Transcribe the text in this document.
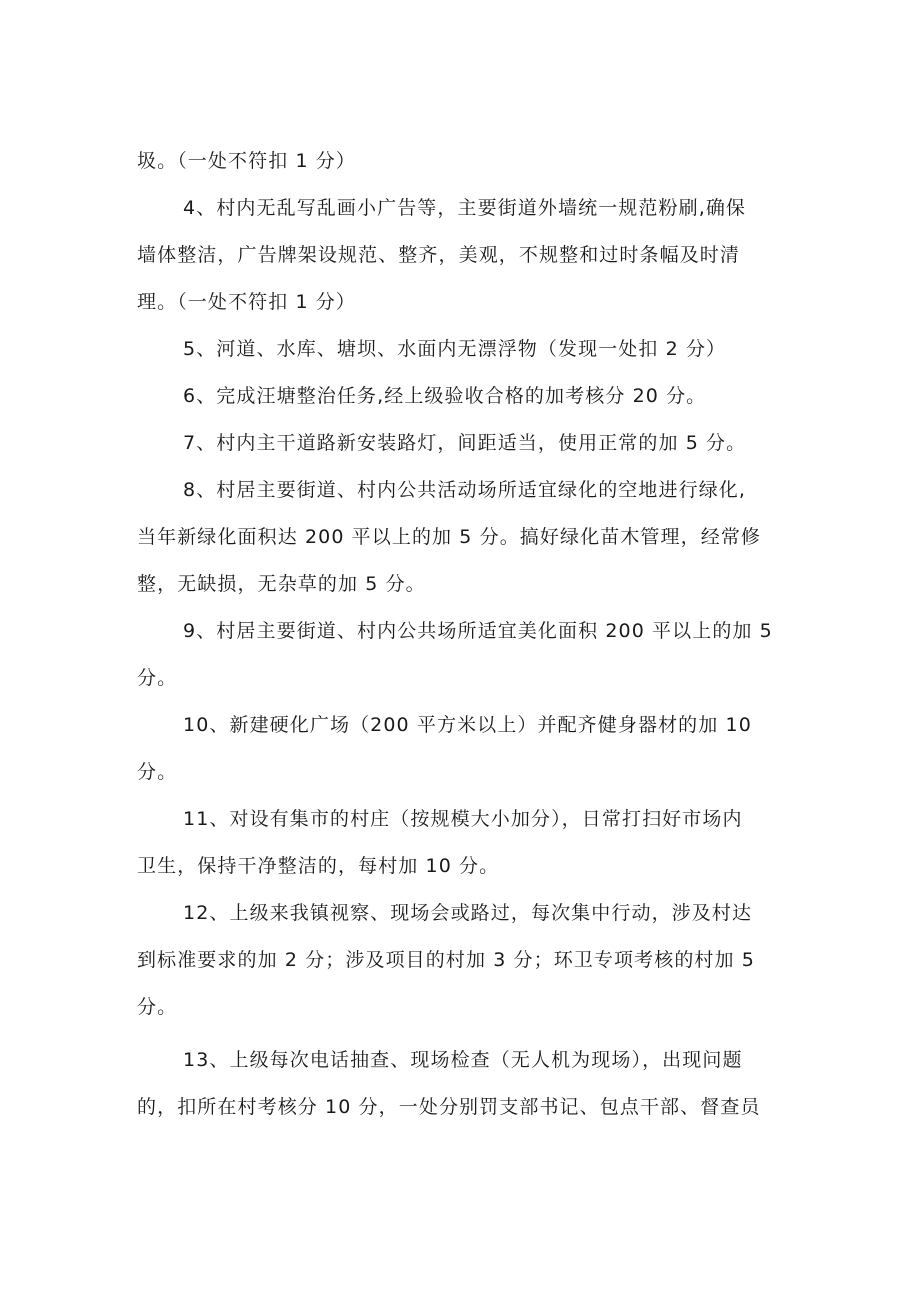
圾。（一处不符扣 1 分）
4、村内无乱写乱画小广告等，主要街道外墙统一规范粉刷,确保
墙体整洁，广告牌架设规范、整齐，美观，不规整和过时条幅及时清
理。（一处不符扣 1 分）
5、河道、水库、塘坝、水面内无漂浮物（发现一处扣 2 分）
6、完成汪塘整治任务,经上级验收合格的加考核分 20 分。
7、村内主干道路新安装路灯，间距适当，使用正常的加 5 分。
8、村居主要街道、村内公共活动场所适宜绿化的空地进行绿化,
当年新绿化面积达 200 平以上的加 5 分。搞好绿化苗木管理，经常修
整，无缺损，无杂草的加 5 分。
9、村居主要街道、村内公共场所适宜美化面积 200 平以上的加 5
分。
10、新建硬化广场（200 平方米以上）并配齐健身器材的加 10
分。
11、对设有集市的村庄（按规模大小加分），日常打扫好市场内
卫生，保持干净整洁的，每村加 10 分。
12、上级来我镇视察、现场会或路过，每次集中行动，涉及村达
到标准要求的加 2 分；涉及项目的村加 3 分；环卫专项考核的村加 5
分。
13、上级每次电话抽查、现场检查（无人机为现场），出现问题
的，扣所在村考核分 10 分，一处分别罚支部书记、包点干部、督查员
